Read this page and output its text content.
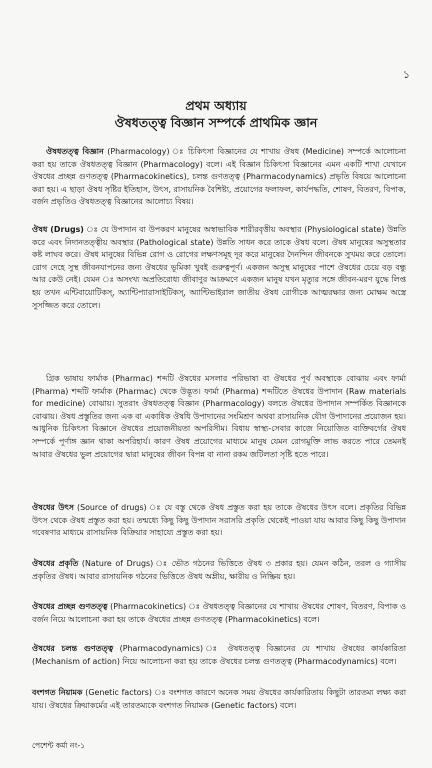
১
প্রথম অধ্যায়
ঔষধতত্ত্ব বিজ্ঞান সম্পর্কে প্রাথমিক জ্ঞান

ঔষধতত্ত্ব বিজ্ঞান (Pharmacology) ঃ চিকিৎসা বিজ্ঞানের যে শাখায় ঔষধ (Medicine) সম্পর্কে আলোচনা করা হয় তাকে ঔষধতত্ত্ব বিজ্ঞান (Pharmacology) বলে। এই বিজ্ঞান চিকিৎসা বিজ্ঞানের এমন একটি শাখা যেখানে ঔষধের প্রচ্ছন্ন গুণতত্ত্ব (Pharmacokinetics), চলন্ত গুণতত্ত্ব (Pharmacodynamics) প্রভৃতি বিষয়ে আলোচনা করা হয়। এ ছাড়া ঔষধ সৃষ্টির ইতিহাস, উৎস, রাসায়নিক বৈশিষ্ট্য, প্রয়োগের ফলাফল, কার্যপদ্ধতি, শোষণ, বিতরণ, বিপাক, বর্জন প্রভৃতিও ঔষধতত্ত্ব বিজ্ঞানের আলোচ্য বিষয়।

ঔষধ (Drugs) ঃ যে উপাদান বা উপকরণ মানুষের অস্বাভাবিক শারীরবৃত্তীয় অবস্থার (Physiological state) উন্নতি করে এবং নিদানতত্ত্বীয় অবস্থার (Pathological state) উন্নতি সাধন করে তাকে ঔষধ বলে। ঔষধ মানুষের অসুস্থতার কষ্ট লাঘব করে। ঔষধ মানুষের বিভিন্ন রোগ ও রোগের লক্ষণসমূহ দূর করে মানুষের দৈনন্দিন জীবনকে সুখময় করে তোলে। রোগ দেহে সুস্থ জীবনযাপনের জন্য ঔষধের ভূমিকা খুবই গুরুত্বপূর্ণ। একজন অসুস্থ মানুষের পাশে ঔষধের চেয়ে বড় বন্ধু আর কেউ নেই। যেমন ঃ অসংখ্য অপ্রতিরোধ্য জীবাণুর আক্রমণে একজন মানুষ যখন মৃত্যুর সঙ্গে জীবন-মরণ যুদ্ধে লিপ্ত হয় তখন এন্টিবায়োটিকস্, অ্যান্টিপ্যারাসাইটিকস্, অ্যান্টিভাইরাল জাতীয় ঔষধ রোগীকে আত্মরক্ষার জন্য মোক্ষম অস্ত্রে সুসজ্জিত করে তোলে।

গ্রিক ভাষায় ফার্মাক (Pharmac) শব্দটি ঔষধের মসলার পরিভাষা বা ঔষধের পূর্ব অবস্থাকে বোঝায় এবং ফার্মা (Pharma) শব্দটি ফার্মাক (Pharmac) থেকে উদ্ভূত। ফার্মা (Pharma) শব্দটিতে ঔষধের উপাদান (Raw materials for medicine) বোঝায়। সুতরাং ঔষধতত্ত্ব বিজ্ঞান (Pharmacology) বলতে ঔষধের উপাদান সম্পর্কিত বিজ্ঞানকে বোঝায়। ঔষধ প্রস্তুতির জন্য এক বা একাধিক ঔষধি উপাদানের সংমিশ্রণ অথবা রাসায়নিক যৌগ উপাদানের প্রয়োজন হয়। আধুনিক চিকিৎসা বিজ্ঞানে ঔষধের প্রয়োজনীয়তা অপরিসীম। বিধায় স্বাস্থ্য-সেবার কাজে নিয়োজিত ব্যক্তিবর্গের ঔষধ সম্পর্কে পূর্ণাঙ্গ জ্ঞান থাকা অপরিহার্য। কারণ ঔষধ প্রয়োগের মাধ্যমে মানুষ যেমন রোগমুক্তি লাভ করতে পারে তেমনই আবার ঔষধের ভুল প্রয়োগের দ্বারা মানুষের জীবন বিপন্ন বা নানা রকম জটিলতা সৃষ্টি হতে পারে।

ঔষধের উৎস (Source of drugs) ঃ যে বস্তু থেকে ঔষধ প্রস্তুত করা হয় তাকে ঔষধের উৎস বলে। প্রকৃতির বিভিন্ন উৎস থেকে ঔষধ প্রস্তুত করা হয়। তন্মধ্যে কিছু কিছু উপাদান সরাসরি প্রকৃতি থেকেই পাওয়া যায় আবার কিছু কিছু উপাদান গবেষণার মাধ্যমে রাসায়নিক বিক্রিয়ার সাহায্যে প্রস্তুত করা হয়।

ঔষধের প্রকৃতি (Nature of Drugs) ঃ ভৌত গঠনের ভিত্তিতে ঔষধ ৩ প্রকার হয়। যেমন কঠিন, তরল ও গ্যাসীয় প্রকৃতির ঔষধ। আবার রাসায়নিক গঠনের ভিত্তিতে ঔষধ অম্লীয়, ক্ষারীয় ও নিষ্ক্রিয় হয়।

ঔষধের প্রচ্ছন্ন গুণতত্ত্ব (Pharmacokinetics) ঃ ঔষধতত্ত্ব বিজ্ঞানের যে শাখায় ঔষধের শোষণ, বিতরণ, বিপাক ও বর্জন নিয়ে আলোচনা করা হয় তাকে ঔষধের প্রচ্ছন্ন গুণতত্ত্ব (Pharmacokinetics) বলে।

ঔষধের চলন্ত গুণতত্ত্ব (Pharmacodynamics) ঃ ঔষধতত্ত্ব বিজ্ঞানের যে শাখায় ঔষধের কার্যকারিতা (Mechanism of action) নিয়ে আলোচনা করা হয় তাকে ঔষধের চলন্ত গুণতত্ত্ব (Pharmacodynamics) বলে।

বংশগত নিয়ামক (Genetic factors) ঃ বংশগত কারণে অনেক সময় ঔষধের কার্যকারিতায় কিছুটা তারতম্য লক্ষ্য করা যায়। ঔষধের ক্রিয়াকর্মের এই তারতম্যকে বংশগত নিয়ামক (Genetic factors) বলে।

পেশেন্ট কর্মা নং-১
